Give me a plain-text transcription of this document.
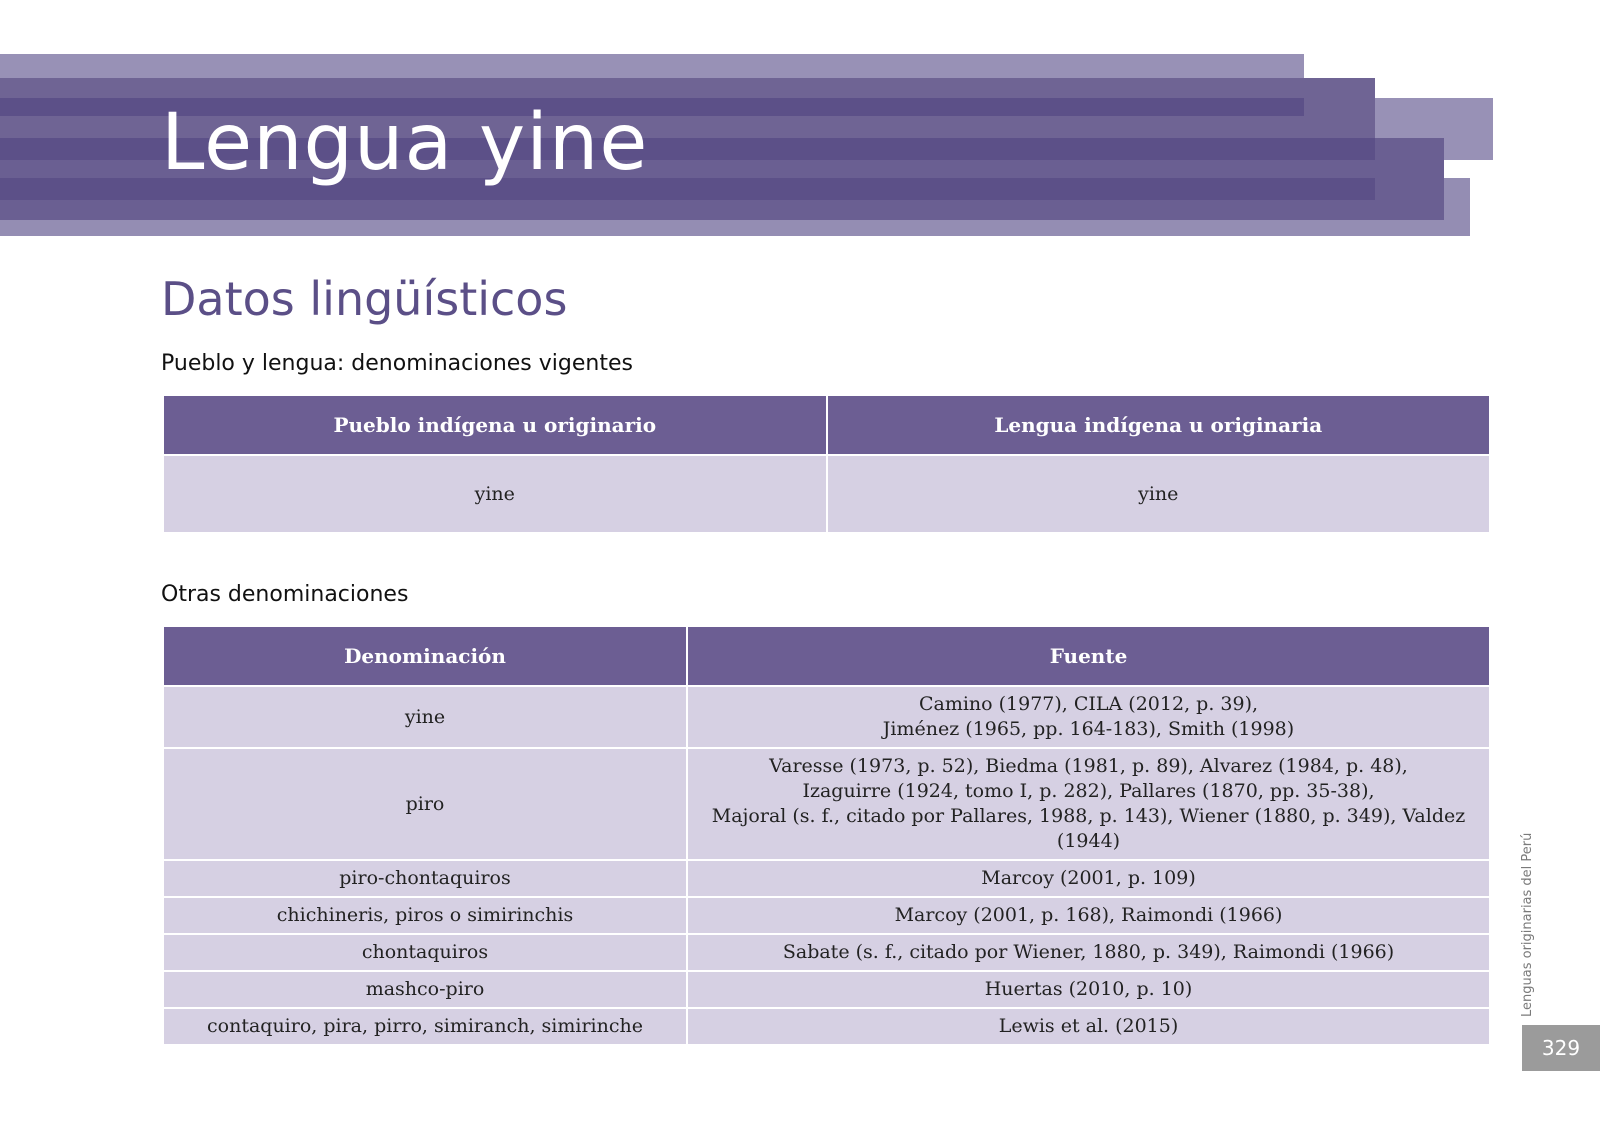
Lengua yine
Datos lingüísticos
Pueblo y lengua: denominaciones vigentes
Pueblo indígena u originario	Lengua indígena u originaria
yine	yine
Otras denominaciones
Denominación	Fuente
yine	Camino (1977), CILA (2012, p. 39),
Jiménez (1965, pp. 164-183), Smith (1998)

piro	Varesse (1973, p. 52), Biedma (1981, p. 89), Alvarez (1984, p. 48),
Izaguirre (1924, tomo I, p. 282), Pallares (1870, pp. 35-38),
Majoral (s. f., citado por Pallares, 1988, p. 143), Wiener (1880, p. 349), Valdez (1944)

piro-chontaquiros	Marcoy (2001, p. 109)

chichineris, piros o simirinchis	Marcoy (2001, p. 168), Raimondi (1966)

chontaquiros	Sabate (s. f., citado por Wiener, 1880, p. 349), Raimondi (1966)

mashco-piro	Huertas (2010, p. 10)

contaquiro, pira, pirro, simiranch, simirinche	Lewis et al. (2015)
Lenguas originarias del Perú
329
